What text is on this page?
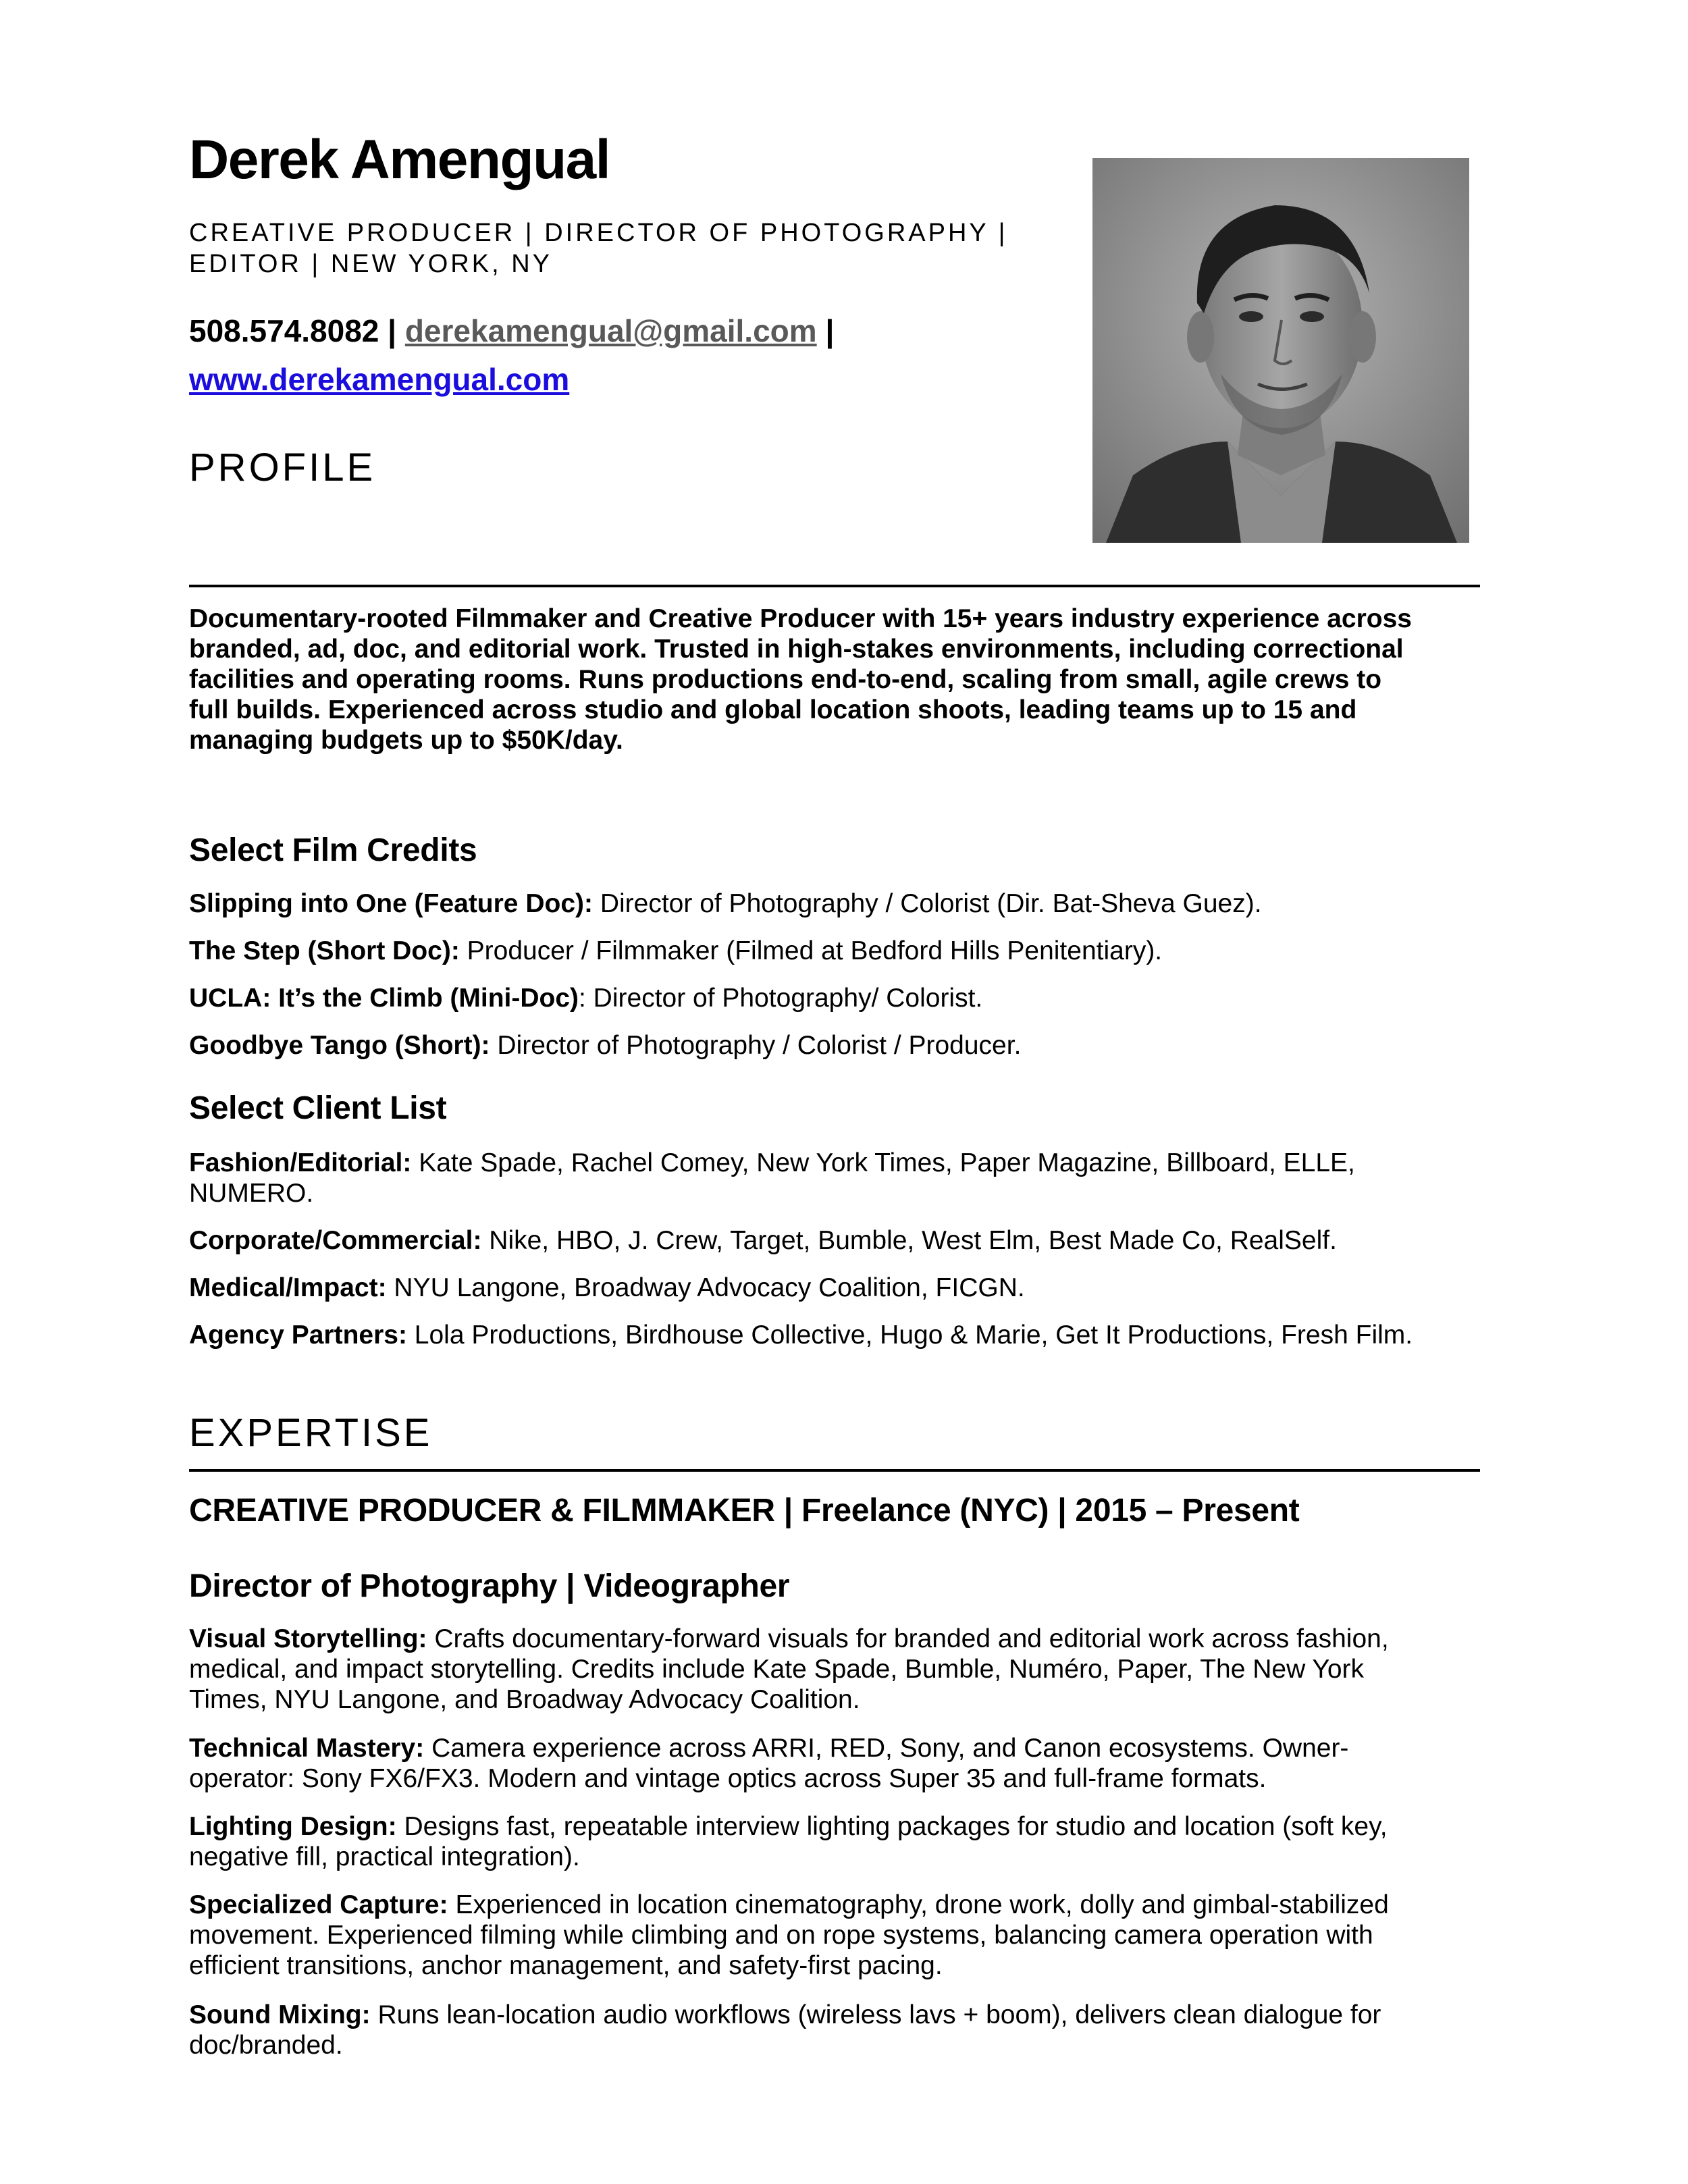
Derek Amengual
CREATIVE PRODUCER | DIRECTOR OF PHOTOGRAPHY |
EDITOR | NEW YORK, NY
508.574.8082 | derekamengual@gmail.com |
www.derekamengual.com
PROFILE
Documentary-rooted Filmmaker and Creative Producer with 15+ years industry experience across
branded, ad, doc, and editorial work. Trusted in high-stakes environments, including correctional
facilities and operating rooms. Runs productions end-to-end, scaling from small, agile crews to
full builds. Experienced across studio and global location shoots, leading teams up to 15 and
managing budgets up to $50K/day.
Select Film Credits
Slipping into One (Feature Doc): Director of Photography / Colorist (Dir. Bat-Sheva Guez).
The Step (Short Doc): Producer / Filmmaker (Filmed at Bedford Hills Penitentiary).
UCLA: It’s the Climb (Mini-Doc): Director of Photography/ Colorist.
Goodbye Tango (Short): Director of Photography / Colorist / Producer.
Select Client List
Fashion/Editorial: Kate Spade, Rachel Comey, New York Times, Paper Magazine, Billboard, ELLE,
NUMERO.
Corporate/Commercial: Nike, HBO, J. Crew, Target, Bumble, West Elm, Best Made Co, RealSelf.
Medical/Impact: NYU Langone, Broadway Advocacy Coalition, FICGN.
Agency Partners: Lola Productions, Birdhouse Collective, Hugo & Marie, Get It Productions, Fresh Film.
EXPERTISE
CREATIVE PRODUCER & FILMMAKER | Freelance (NYC) | 2015 – Present
Director of Photography | Videographer
Visual Storytelling: Crafts documentary-forward visuals for branded and editorial work across fashion,
medical, and impact storytelling. Credits include Kate Spade, Bumble, Numéro, Paper, The New York
Times, NYU Langone, and Broadway Advocacy Coalition.
Technical Mastery: Camera experience across ARRI, RED, Sony, and Canon ecosystems. Owner-
operator: Sony FX6/FX3. Modern and vintage optics across Super 35 and full-frame formats.
Lighting Design: Designs fast, repeatable interview lighting packages for studio and location (soft key,
negative fill, practical integration).
Specialized Capture: Experienced in location cinematography, drone work, dolly and gimbal-stabilized
movement. Experienced filming while climbing and on rope systems, balancing camera operation with
efficient transitions, anchor management, and safety-first pacing.
Sound Mixing: Runs lean-location audio workflows (wireless lavs + boom), delivers clean dialogue for
doc/branded.
